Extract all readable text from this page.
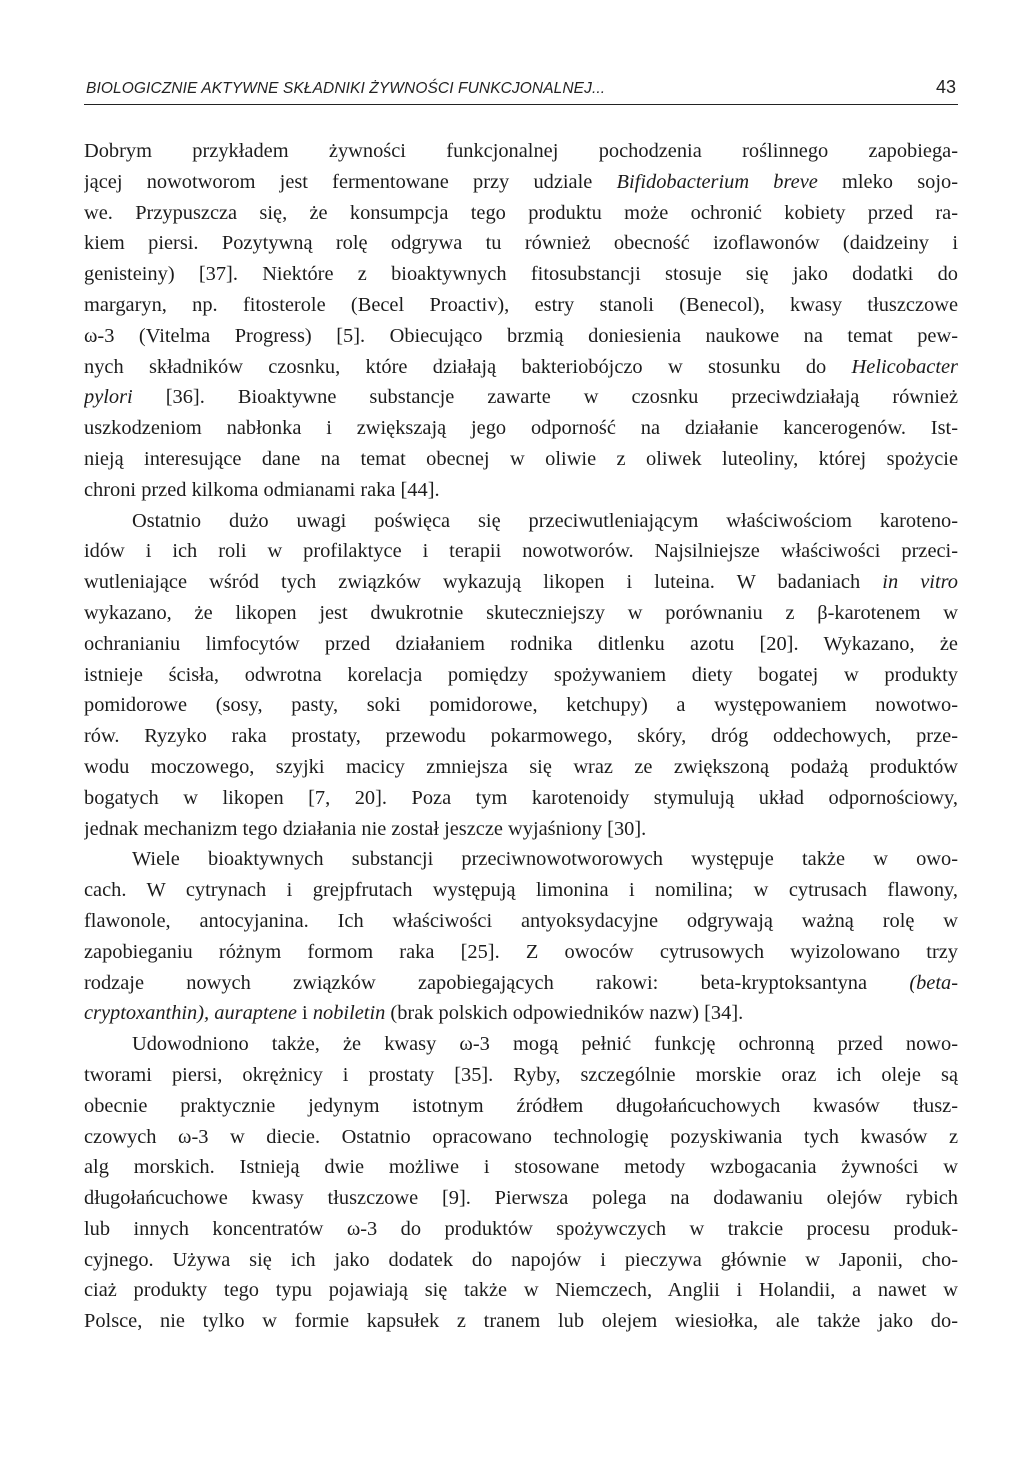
BIOLOGICZNIE AKTYWNE SKŁADNIKI ŻYWNOŚCI FUNKCJONALNEJ...	43
Dobrym przykładem żywności funkcjonalnej pochodzenia roślinnego zapobiega-
jącej nowotworom jest fermentowane przy udziale Bifidobacterium breve mleko sojo-
we. Przypuszcza się, że konsumpcja tego produktu może ochronić kobiety przed ra-
kiem piersi. Pozytywną rolę odgrywa tu również obecność izoflawonów (daidzeiny i
genisteiny) [37]. Niektóre z bioaktywnych fitosubstancji stosuje się jako dodatki do
margaryn, np. fitosterole (Becel Proactiv), estry stanoli (Benecol), kwasy tłuszczowe
ω-3 (Vitelma Progress) [5]. Obiecująco brzmią doniesienia naukowe na temat pew-
nych składników czosnku, które działają bakteriobójczo w stosunku do Helicobacter
pylori [36]. Bioaktywne substancje zawarte w czosnku przeciwdziałają również
uszkodzeniom nabłonka i zwiększają jego odporność na działanie kancerogenów. Ist-
nieją interesujące dane na temat obecnej w oliwie z oliwek luteoliny, której spożycie
chroni przed kilkoma odmianami raka [44].
Ostatnio dużo uwagi poświęca się przeciwutleniającym właściwościom karoteno-
idów i ich roli w profilaktyce i terapii nowotworów. Najsilniejsze właściwości przeci-
wutleniające wśród tych związków wykazują likopen i luteina. W badaniach in vitro
wykazano, że likopen jest dwukrotnie skuteczniejszy w porównaniu z β-karotenem w
ochranianiu limfocytów przed działaniem rodnika ditlenku azotu [20]. Wykazano, że
istnieje ścisła, odwrotna korelacja pomiędzy spożywaniem diety bogatej w produkty
pomidorowe (sosy, pasty, soki pomidorowe, ketchupy) a występowaniem nowotwo-
rów. Ryzyko raka prostaty, przewodu pokarmowego, skóry, dróg oddechowych, prze-
wodu moczowego, szyjki macicy zmniejsza się wraz ze zwiększoną podażą produktów
bogatych w likopen [7, 20]. Poza tym karotenoidy stymulują układ odpornościowy,
jednak mechanizm tego działania nie został jeszcze wyjaśniony [30].
Wiele bioaktywnych substancji przeciwnowotworowych występuje także w owo-
cach. W cytrynach i grejpfrutach występują limonina i nomilina; w cytrusach flawony,
flawonole, antocyjanina. Ich właściwości antyoksydacyjne odgrywają ważną rolę w
zapobieganiu różnym formom raka [25]. Z owoców cytrusowych wyizolowano trzy
rodzaje nowych związków zapobiegających rakowi: beta-kryptoksantyna (beta-
cryptoxanthin), auraptene i nobiletin (brak polskich odpowiedników nazw) [34].
Udowodniono także, że kwasy ω-3 mogą pełnić funkcję ochronną przed nowo-
tworami piersi, okrężnicy i prostaty [35]. Ryby, szczególnie morskie oraz ich oleje są
obecnie praktycznie jedynym istotnym źródłem długołańcuchowych kwasów tłusz-
czowych ω-3 w diecie. Ostatnio opracowano technologię pozyskiwania tych kwasów z
alg morskich. Istnieją dwie możliwe i stosowane metody wzbogacania żywności w
długołańcuchowe kwasy tłuszczowe [9]. Pierwsza polega na dodawaniu olejów rybich
lub innych koncentratów ω-3 do produktów spożywczych w trakcie procesu produk-
cyjnego. Używa się ich jako dodatek do napojów i pieczywa głównie w Japonii, cho-
ciaż produkty tego typu pojawiają się także w Niemczech, Anglii i Holandii, a nawet w
Polsce, nie tylko w formie kapsułek z tranem lub olejem wiesiołka, ale także jako do-
